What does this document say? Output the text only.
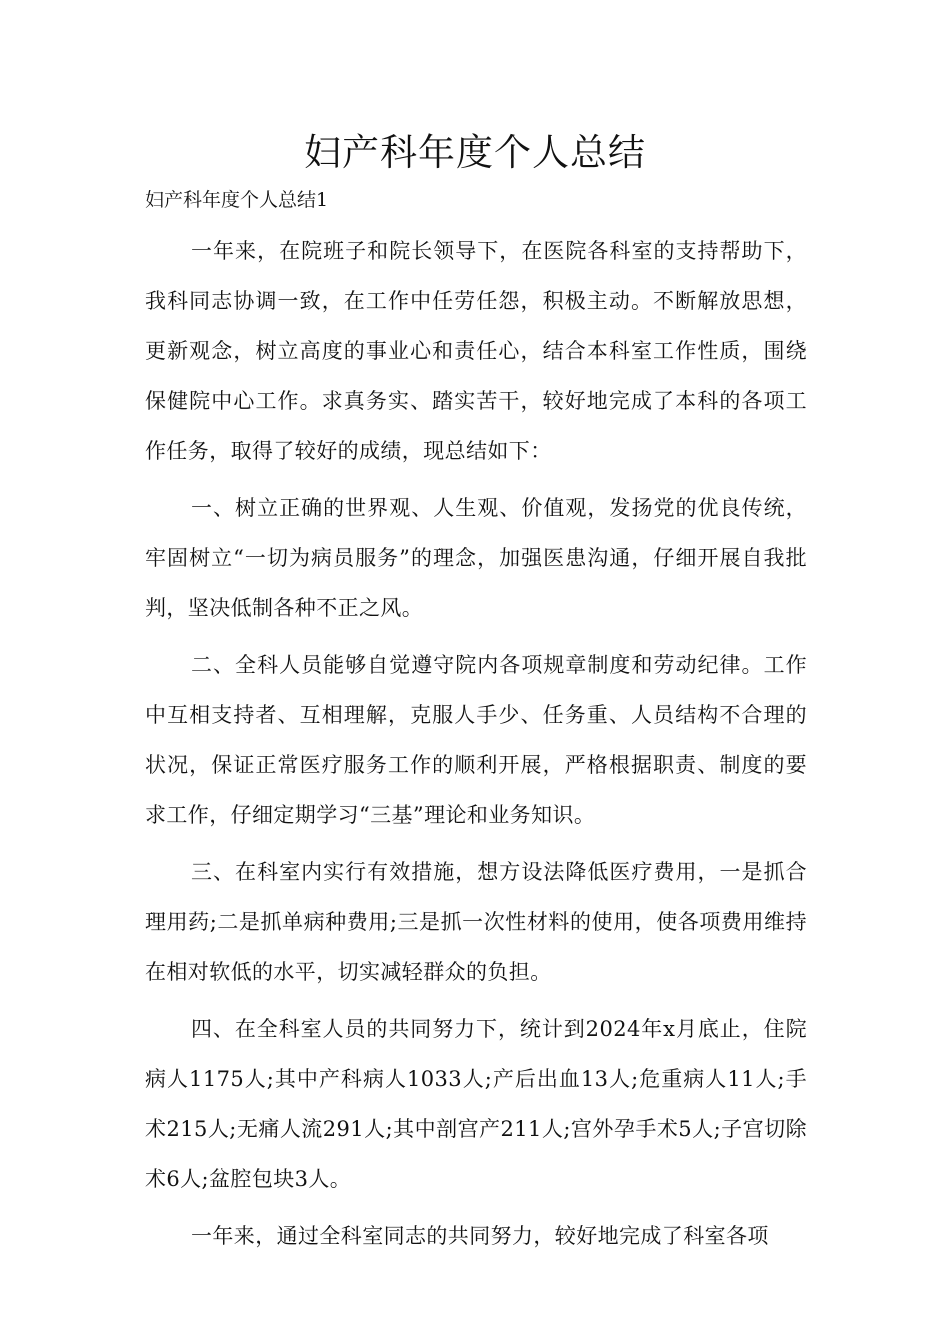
妇产科年度个人总结

妇产科年度个人总结1

一年来，在院班子和院长领导下，在医院各科室的支持帮助下，我科同志协调一致，在工作中任劳任怨，积极主动。不断解放思想，更新观念，树立高度的事业心和责任心，结合本科室工作性质，围绕保健院中心工作。求真务实、踏实苦干，较好地完成了本科的各项工作任务，取得了较好的成绩，现总结如下：

一、树立正确的世界观、人生观、价值观，发扬党的优良传统，牢固树立“一切为病员服务”的理念，加强医患沟通，仔细开展自我批判，坚决低制各种不正之风。

二、全科人员能够自觉遵守院内各项规章制度和劳动纪律。工作中互相支持者、互相理解，克服人手少、任务重、人员结构不合理的状况，保证正常医疗服务工作的顺利开展，严格根据职责、制度的要求工作，仔细定期学习“三基”理论和业务知识。

三、在科室内实行有效措施，想方设法降低医疗费用，一是抓合理用药;二是抓单病种费用;三是抓一次性材料的使用，使各项费用维持在相对软低的水平，切实减轻群众的负担。

四、在全科室人员的共同努力下，统计到2024年x月底止，住院病人1175人;其中产科病人1033人;产后出血13人;危重病人11人;手术215人;无痛人流291人;其中剖宫产211人;宫外孕手术5人;子宫切除术6人;盆腔包块3人。

一年来，通过全科室同志的共同努力，较好地完成了科室各项
